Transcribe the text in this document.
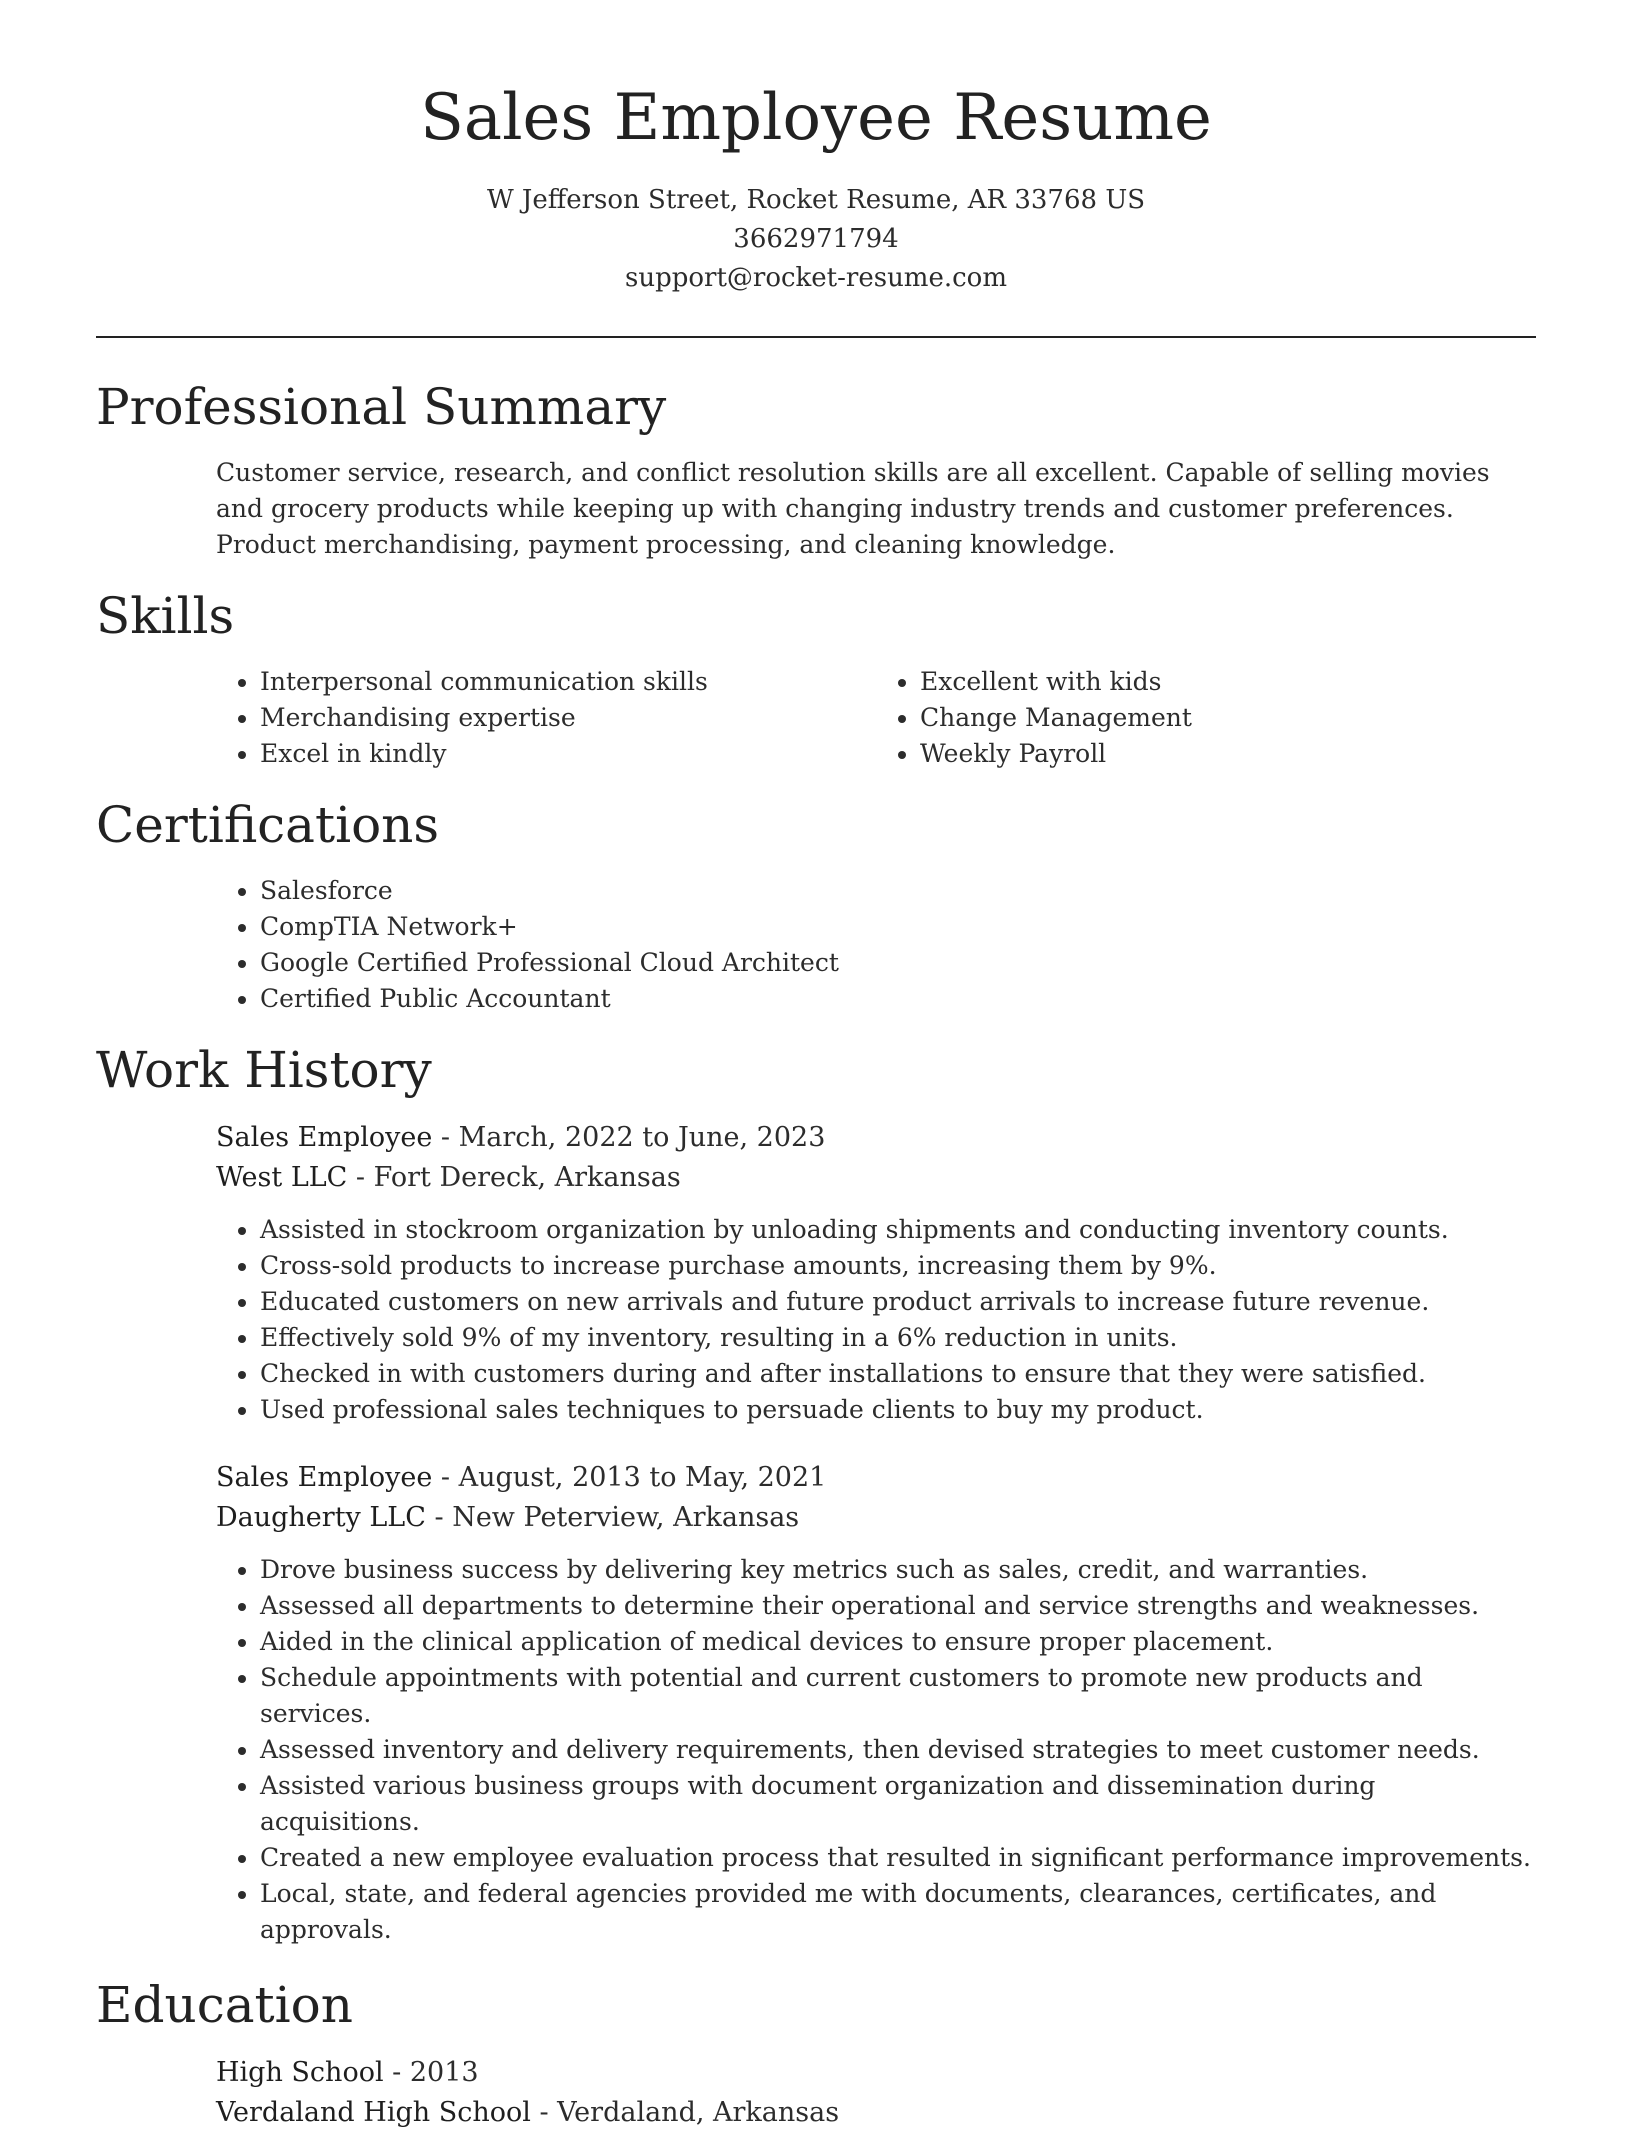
Sales Employee Resume

W Jefferson Street, Rocket Resume, AR 33768 US

3662971794

support@rocket-resume.com

Professional Summary

Customer service, research, and conflict resolution skills are all excellent. Capable of selling movies and grocery products while keeping up with changing industry trends and customer preferences. Product merchandising, payment processing, and cleaning knowledge.

Skills
• Interpersonal communication skills
• Merchandising expertise
• Excel in kindly
• Excellent with kids
• Change Management
• Weekly Payroll
Certifications
• Salesforce
• CompTIA Network+
• Google Certified Professional Cloud Architect
• Certified Public Accountant
Work History

Sales Employee - March, 2022 to June, 2023

West LLC - Fort Dereck, Arkansas

• Assisted in stockroom organization by unloading shipments and conducting inventory counts.
• Cross-sold products to increase purchase amounts, increasing them by 9%.
• Educated customers on new arrivals and future product arrivals to increase future revenue.
• Effectively sold 9% of my inventory, resulting in a 6% reduction in units.
• Checked in with customers during and after installations to ensure that they were satisfied.
• Used professional sales techniques to persuade clients to buy my product.

Sales Employee - August, 2013 to May, 2021

Daugherty LLC - New Peterview, Arkansas

• Drove business success by delivering key metrics such as sales, credit, and warranties.
• Assessed all departments to determine their operational and service strengths and weaknesses.
• Aided in the clinical application of medical devices to ensure proper placement.
• Schedule appointments with potential and current customers to promote new products and services.
• Assessed inventory and delivery requirements, then devised strategies to meet customer needs.
• Assisted various business groups with document organization and dissemination during acquisitions.
• Created a new employee evaluation process that resulted in significant performance improvements.
• Local, state, and federal agencies provided me with documents, clearances, certificates, and approvals.
Education

High School - 2013

Verdaland High School - Verdaland, Arkansas
